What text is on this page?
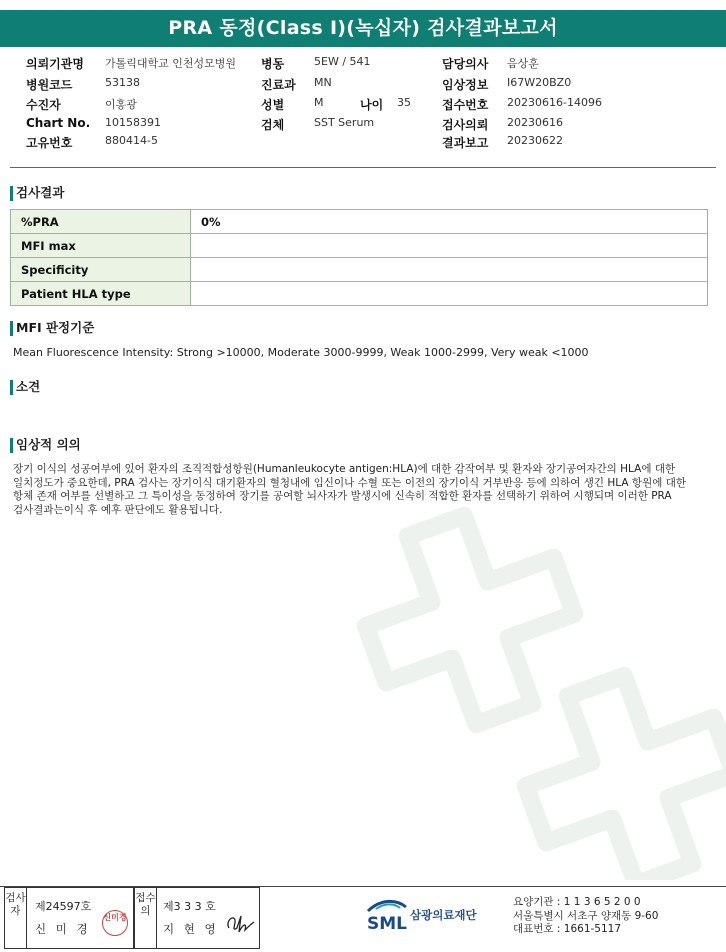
PRA 동정(Class I)(녹십자) 검사결과보고서
의뢰기관명 가톨릭대학교 인천성모병원 병동	5EW / 541	담당의사 음상훈
병원코드	53138	진료과 MN	임상정보 I67W20BZ0
수진자	이홍광	성별	M	나이 35	접수번호 20230616-14096
Chart No. 10158391	검체	SST Serum	검사의뢰 20230616
고유번호	880414-5	결과보고 20230622
검사결과
%PRA	0%
MFI max	
Specificity	
Patient HLA type	
MFI 판정기준
Mean Fluorescence Intensity: Strong >10000, Moderate 3000-9999, Weak 1000-2999, Very weak <1000
소견
임상적 의의
장기 이식의 성공여부에 있어 환자의 조직적합성항원(Humanleukocyte antigen:HLA)에 대한 감작여부 및 환자와 장기공여자간의 HLA에 대한
일치정도가 중요한데, PRA 검사는 장기이식 대기환자의 혈청내에 임신이나 수혈 또는 이전의 장기이식 거부반응 등에 의하여 생긴 HLA 항원에 대한
항체 존재 여부를 선별하고 그 특이성을 동정하여 장기를 공여할 뇌사자가 발생시에 신속히 적합한 환자를 선택하기 위하여 시행되며 이러한 PRA
검사결과는이식 후 예후 판단에도 활용됩니다.
검사자	제24597호
신 미 경
신미경
접수의	제3 3 3 호
지 현 영	SML 삼광의료재단
요양기관 : 1 1 3 6 5 2 0 0
서울특별시 서초구 양재동 9-60
대표번호 : 1661-5117
